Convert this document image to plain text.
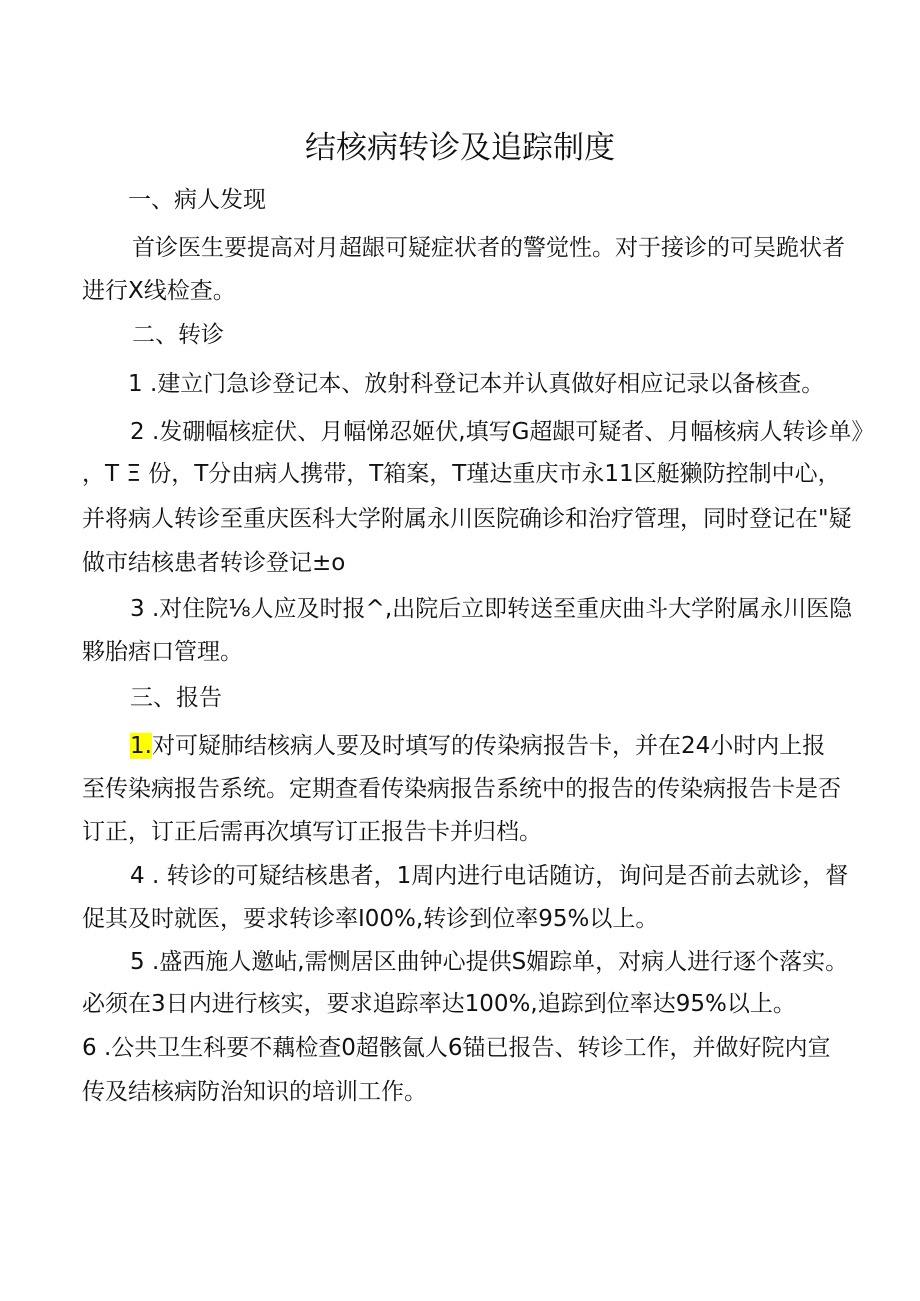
结核病转诊及追踪制度
一、病人发现
首诊医生要提高对月超龈可疑症状者的警觉性。对于接诊的可吴跪状者
进行X线检查。
二、转诊
1 .建立门急诊登记本、放射科登记本并认真做好相应记录以备核查。
2 .发硼幅核症伏、月幅悌忍姬伏,填写G超龈可疑者、月幅核病人转诊单》
，T Ξ 份，T分由病人携带，T箱案，T瑾达重庆市永11区艇獭防控制中心，
并将病人转诊至重庆医科大学附属永川医院确诊和治疗管理，同时登记在"疑
做市结核患者转诊登记±o
3 .对住院⅛人应及时报^,出院后立即转送至重庆曲斗大学附属永川医隐
夥胎痞口管理。
三、报告
1.对可疑肺结核病人要及时填写的传染病报告卡，并在24小时内上报
至传染病报告系统。定期查看传染病报告系统中的报告的传染病报告卡是否
订正，订正后需再次填写订正报告卡并归档。
4 . 转诊的可疑结核患者，1周内进行电话随访，询问是否前去就诊，督
促其及时就医，要求转诊率I00%,转诊到位率95%以上。
5 .盛西施人邀岾,需恻居区曲钟心提供S媚踪单，对病人进行逐个落实。
必须在3日内进行核实，要求追踪率达100%,追踪到位率达95%以上。
6 .公共卫生科要不藕检查0超骸氤人6锚已报告、转诊工作，并做好院内宣
传及结核病防治知识的培训工作。
